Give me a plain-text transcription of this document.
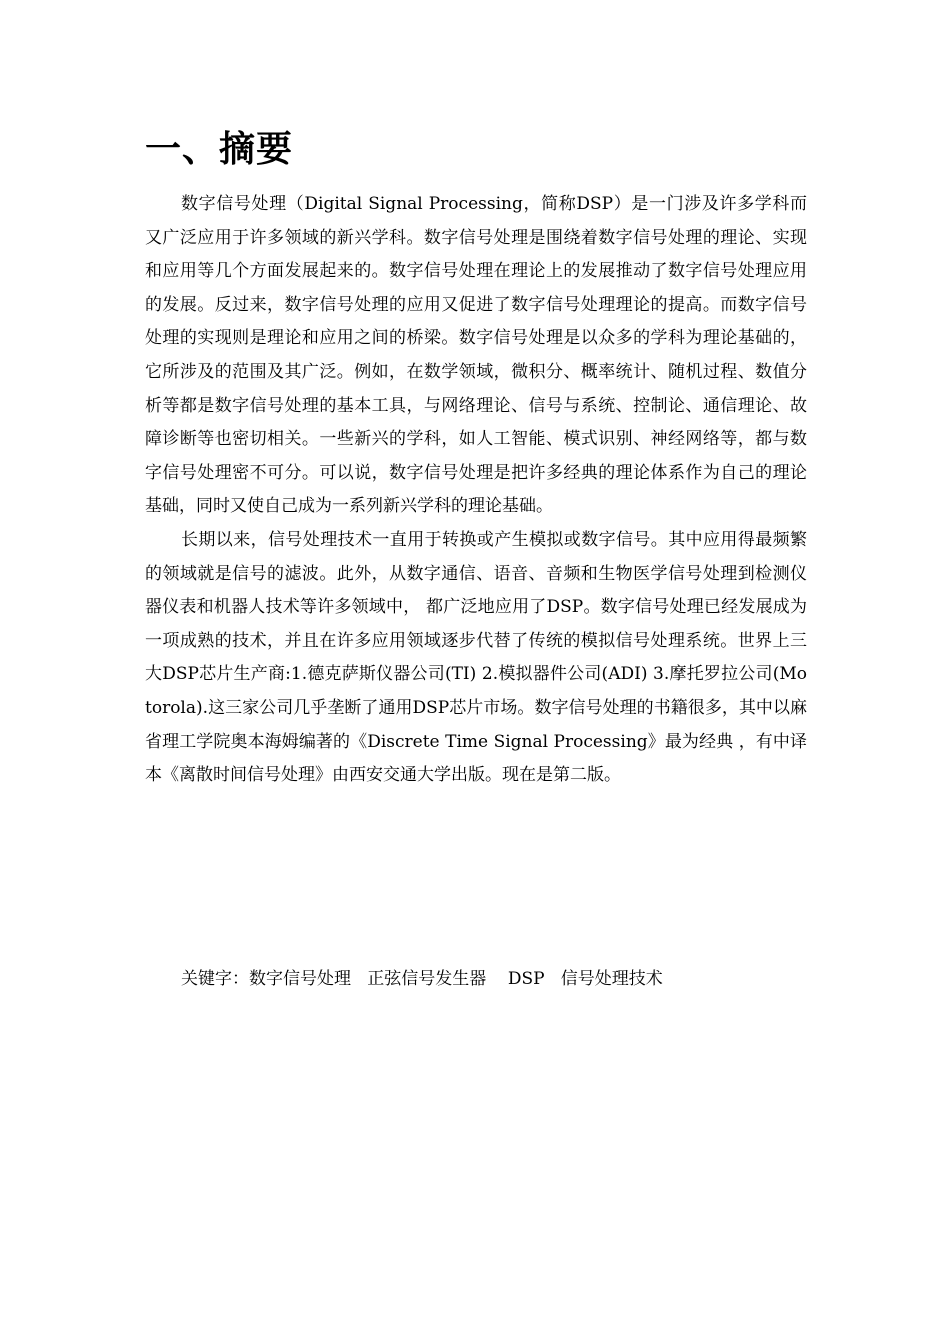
一、摘要

数字信号处理（Digital Signal Processing，简称DSP）是一门涉及许多学科而又广泛应用于许多领域的新兴学科。数字信号处理是围绕着数字信号处理的理论、实现和应用等几个方面发展起来的。数字信号处理在理论上的发展推动了数字信号处理应用的发展。反过来，数字信号处理的应用又促进了数字信号处理理论的提高。而数字信号处理的实现则是理论和应用之间的桥梁。数字信号处理是以众多的学科为理论基础的，它所涉及的范围及其广泛。例如，在数学领域，微积分、概率统计、随机过程、数值分析等都是数字信号处理的基本工具，与网络理论、信号与系统、控制论、通信理论、故障诊断等也密切相关。一些新兴的学科，如人工智能、模式识别、神经网络等，都与数字信号处理密不可分。可以说，数字信号处理是把许多经典的理论体系作为自己的理论基础，同时又使自己成为一系列新兴学科的理论基础。

长期以来，信号处理技术一直用于转换或产生模拟或数字信号。其中应用得最频繁的领域就是信号的滤波。此外，从数字通信、语音、音频和生物医学信号处理到检测仪器仪表和机器人技术等许多领域中， 都广泛地应用了DSP。数字信号处理已经发展成为一项成熟的技术，并且在许多应用领域逐步代替了传统的模拟信号处理系统。世界上三大DSP芯片生产商:1.德克萨斯仪器公司(TI) 2.模拟器件公司(ADI) 3.摩托罗拉公司(Motorola).这三家公司几乎垄断了通用DSP芯片市场。数字信号处理的书籍很多，其中以麻省理工学院奥本海姆编著的《Discrete Time Signal Processing》最为经典 ，有中译本《离散时间信号处理》由西安交通大学出版。现在是第二版。

关键字：数字信号处理   正弦信号发生器    DSP   信号处理技术
